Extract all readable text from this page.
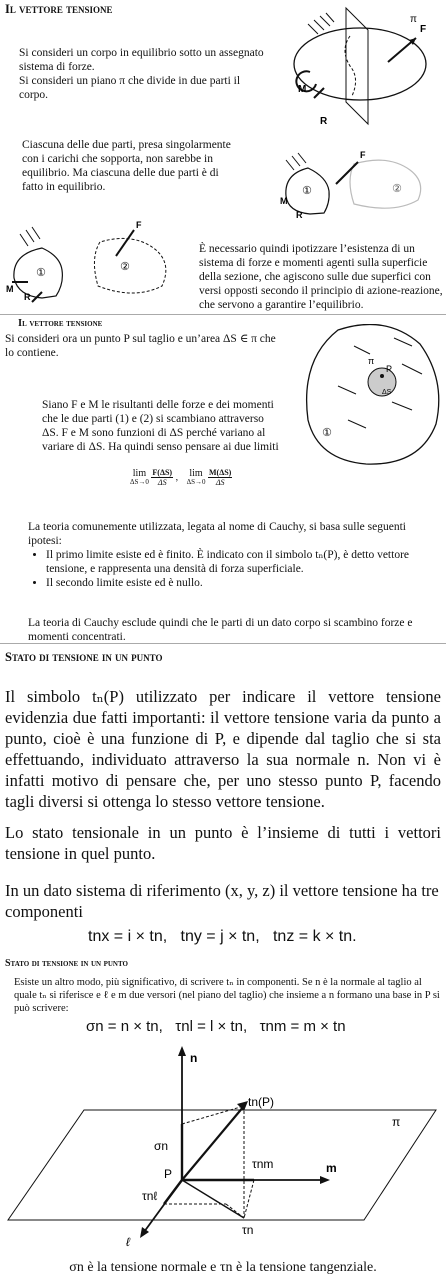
Il vettore tensione
Si consideri un corpo in equilibrio sotto un assegnato sistema di forze.
Si consideri un piano π che divide in due parti il corpo.
π
F
M
R
Ciascuna delle due parti, presa singolarmente con i carichi che sopporta, non sarebbe in equilibrio. Ma ciascuna delle due parti è di fatto in equilibrio.
F
M
R
①	②
F
M
R
①	②
È necessario quindi ipotizzare l’esistenza di un sistema di forze e momenti agenti sulla superficie della sezione, che agiscono sulle due superfici con versi opposti secondo il principio di azione-reazione, che servono a garantire l’equilibrio.
Il vettore tensione
Si consideri ora un punto P sul taglio e un’area ΔS ∈ π che lo contiene.
π
P
ΔS
①
Siano F e M le risultanti delle forze e dei momenti che le due parti (1) e (2) si scambiano attraverso ΔS. F e M sono funzioni di ΔS perché variano al variare di ΔS. Ha quindi senso pensare ai due limiti
lim
ΔS→0
$\frac{F(\Delta S)}{\Delta S}$ , lim
ΔS→0
$\frac{M(\Delta S)}{\Delta S}$
La teoria comunemente utilizzata, legata al nome di Cauchy, si basa sulle seguenti ipotesi:
• Il primo limite esiste ed è finito. È indicato con il simbolo tₙ(P), è detto vettore tensione, e rappresenta una densità di forza superficiale.
• Il secondo limite esiste ed è nullo.
La teoria di Cauchy esclude quindi che le parti di un dato corpo si scambino forze e momenti concentrati.
Stato di tensione in un punto
Il simbolo tₙ(P) utilizzato per indicare il vettore tensione evidenzia due fatti importanti: il vettore tensione varia da punto a punto, cioè è una funzione di P, e dipende dal taglio che si sta effettuando, individuato attraverso la sua normale n. Non vi è infatti motivo di pensare che, per uno stesso punto P, facendo tagli diversi si ottenga lo stesso vettore tensione.
Lo stato tensionale in un punto è l’insieme di tutti i vettori tensione in quel punto.
In un dato sistema di riferimento (x, y, z) il vettore tensione ha tre componenti
tnx = i × tn,   tny = j × tn,   tnz = k × tn.
Stato di tensione in un punto
Esiste un altro modo, più significativo, di scrivere tₙ in componenti. Se n è la normale al taglio al quale tₙ si riferisce e ℓ e m due versori (nel piano del taglio) che insieme a n formano una base in P si può scrivere:
σn = n × tn,   τnl = l × tn,   τnm = m × tn
n
tn(P)
σn
P
τnm	m
τnℓ
τn
ℓ
π
σn è la tensione normale e τn è la tensione tangenziale.
